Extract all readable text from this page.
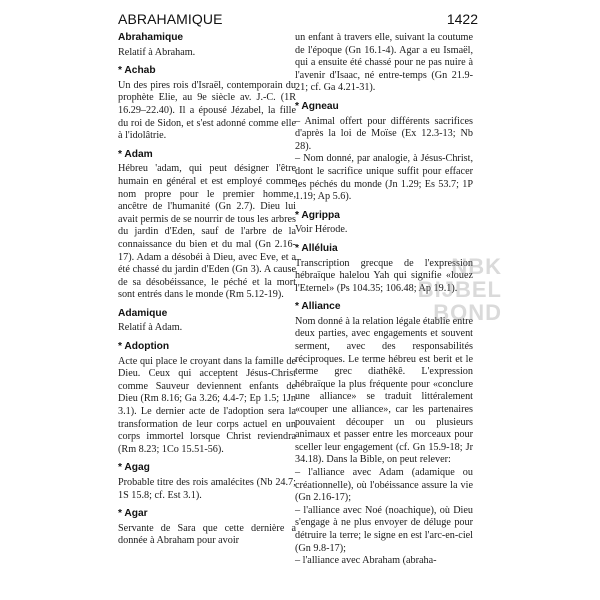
ABRAHAMIQUE	1422

Abrahamique

Relatif à Abraham.

* Achab

Un des pires rois d'Israël, contemporain du prophète Elie, au 9e siècle av. J.-C. (1R 16.29–22.40). Il a épousé Jézabel, la fille du roi de Sidon, et s'est adonné comme elle à l'idolâtrie.

* Adam

Hébreu 'adam, qui peut désigner l'être humain en général et est employé comme nom propre pour le premier homme, ancêtre de l'humanité (Gn 2.7). Dieu lui avait permis de se nourrir de tous les arbres du jardin d'Eden, sauf de l'arbre de la connaissance du bien et du mal (Gn 2.16-17). Adam a désobéi à Dieu, avec Eve, et a été chassé du jardin d'Eden (Gn 3). A cause de sa désobéissance, le péché et la mort sont entrés dans le monde (Rm 5.12-19).

Adamique

Relatif à Adam.

* Adoption

Acte qui place le croyant dans la famille de Dieu. Ceux qui acceptent Jésus-Christ comme Sauveur deviennent enfants de Dieu (Rm 8.16; Ga 3.26; 4.4-7; Ep 1.5; 1Jn 3.1). Le dernier acte de l'adoption sera la transformation de leur corps actuel en un corps immortel lorsque Christ reviendra (Rm 8.23; 1Co 15.51-56).

* Agag

Probable titre des rois amalécites (Nb 24.7; 1S 15.8; cf. Est 3.1).

* Agar

Servante de Sara que cette dernière a donnée à Abraham pour avoir

un enfant à travers elle, suivant la coutume de l'époque (Gn 16.1-4). Agar a eu Ismaël, qui a ensuite été chassé pour ne pas nuire à l'avenir d'Isaac, né entre-temps (Gn 21.9-21; cf. Ga 4.21-31).

* Agneau

– Animal offert pour différents sacrifices d'après la loi de Moïse (Ex 12.3-13; Nb 28).
– Nom donné, par analogie, à Jésus-Christ, dont le sacrifice unique suffit pour effacer les péchés du monde (Jn 1.29; Es 53.7; 1P 1.19; Ap 5.6).

* Agrippa

Voir Hérode.

* Alléluia

Transcription grecque de l'expression hébraïque halelou Yah qui signifie «louez l'Eternel» (Ps 104.35; 106.48; Ap 19.1).

* Alliance

Nom donné à la relation légale établie entre deux parties, avec engagements et souvent serment, avec des responsabilités réciproques. Le terme hébreu est berit et le terme grec diathêkê. L'expression hébraïque la plus fréquente pour «conclure une alliance» se traduit littéralement «couper une alliance», car les partenaires pouvaient découper un ou plusieurs animaux et passer entre les morceaux pour sceller leur engagement (cf. Gn 15.9-18; Jr 34.18). Dans la Bible, on peut relever:

– l'alliance avec Adam (adamique ou créationnelle), où l'obéissance assure la vie (Gn 2.16-17);
– l'alliance avec Noé (noachique), où Dieu s'engage à ne plus envoyer de déluge pour détruire la terre; le signe en est l'arc-en-ciel (Gn 9.8-17);
– l'alliance avec Abraham (abraha-
NBK
BIJBEL
BOND
